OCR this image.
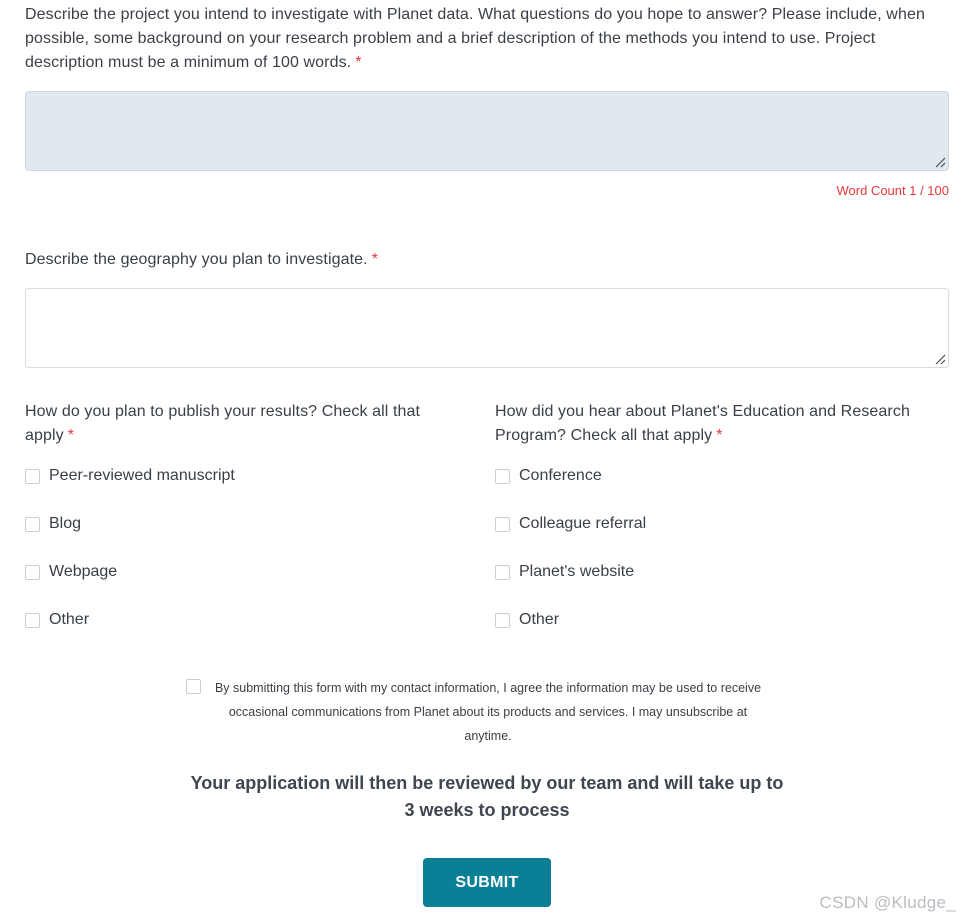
Describe the project you intend to investigate with Planet data. What questions do you hope to answer? Please include, when possible, some background on your research problem and a brief description of the methods you intend to use. Project description must be a minimum of 100 words. *
Word Count 1 / 100
Describe the geography you plan to investigate. *
How do you plan to publish your results? Check all that apply *
Peer-reviewed manuscript
Blog
Webpage
Other
How did you hear about Planet's Education and Research Program? Check all that apply *
Conference
Colleague referral
Planet's website
Other
By submitting this form with my contact information, I agree the information may be used to receive occasional communications from Planet about its products and services. I may unsubscribe at anytime.
Your application will then be reviewed by our team and will take up to 3 weeks to process
SUBMIT
CSDN @Kludge_
